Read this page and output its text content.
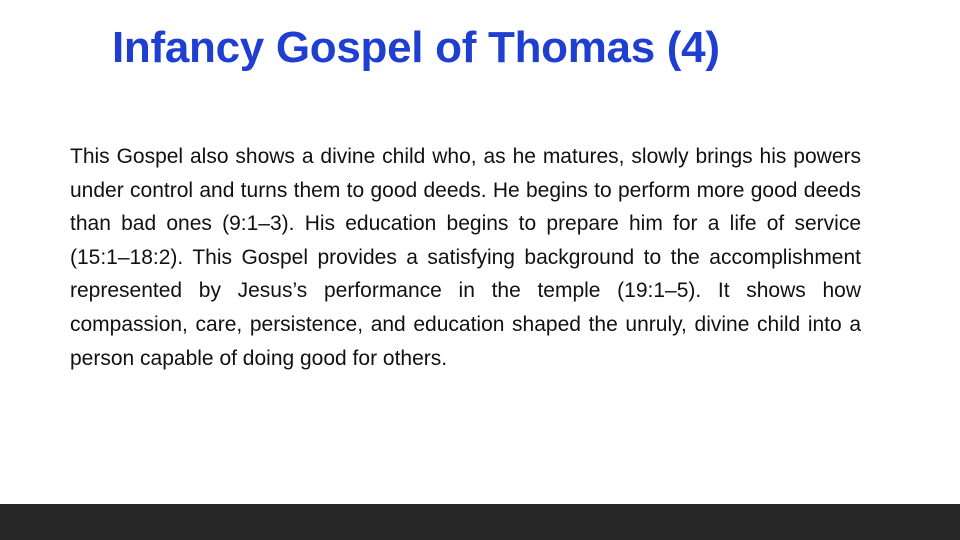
Infancy Gospel of Thomas (4)

This Gospel also shows a divine child who, as he matures, slowly brings his powers under control and turns them to good deeds. He begins to perform more good deeds than bad ones (9:1–3). His education begins to prepare him for a life of service (15:1–18:2). This Gospel provides a satisfying background to the accomplishment represented by Jesus’s performance in the temple (19:1–5). It shows how compassion, care, persistence, and education shaped the unruly, divine child into a person capable of doing good for others.
